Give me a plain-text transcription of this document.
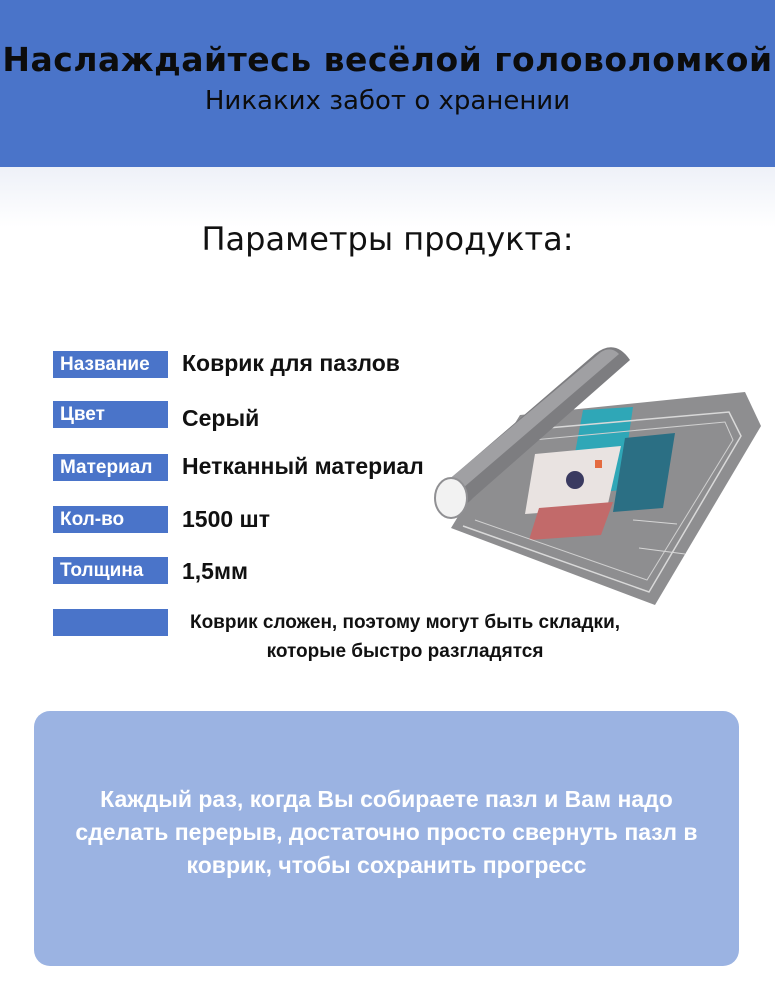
Наслаждайтесь весёлой головоломкой
Никаких забот о хранении
Параметры продукта:
Название	Коврик для пазлов
Цвет	Серый
Материал	Нетканный материал
Кол-во	1500 шт
Толщина	1,5мм
Коврик сложен, поэтому могут быть складки, которые быстро разгладятся
Каждый раз, когда Вы собираете пазл и Вам надо сделать перерыв, достаточно просто свернуть пазл в коврик, чтобы сохранить прогресс
